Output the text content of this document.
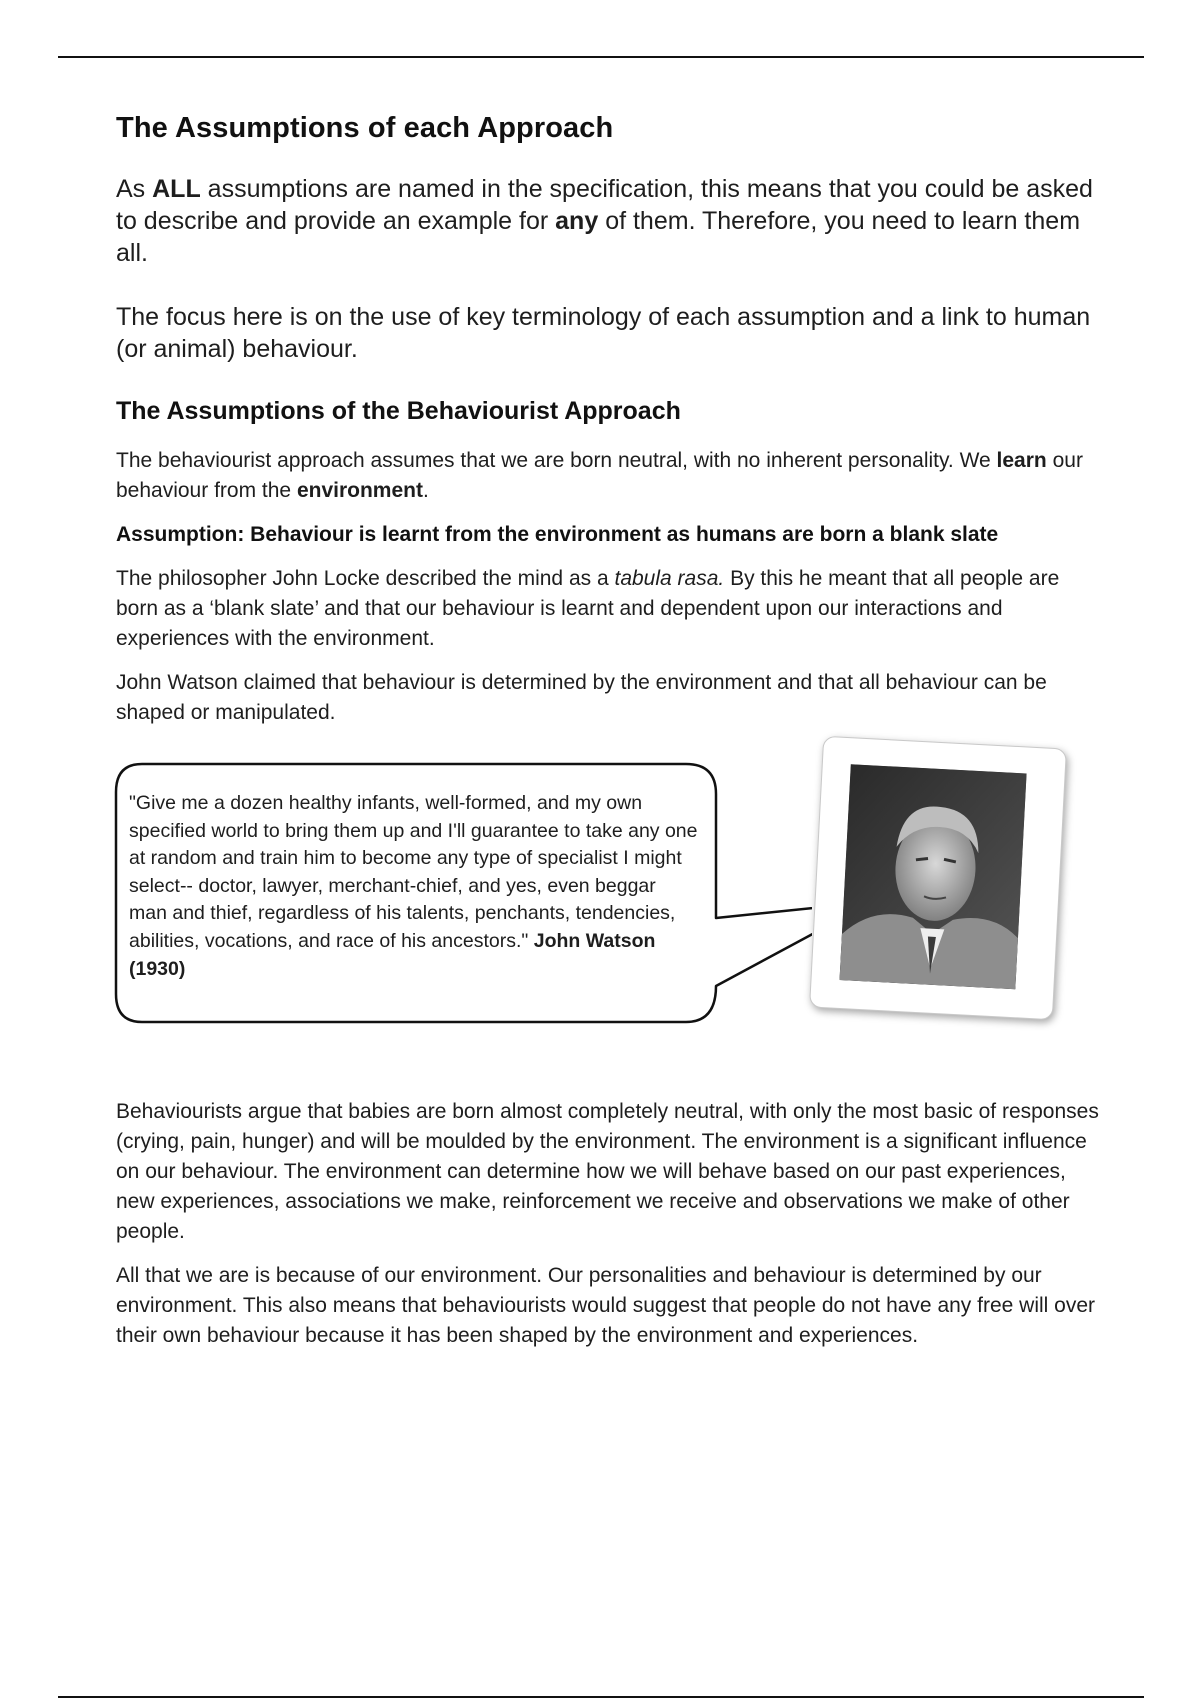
The Assumptions of each Approach

As ALL assumptions are named in the specification, this means that you could be asked to describe and provide an example for any of them. Therefore, you need to learn them all.

The focus here is on the use of key terminology of each assumption and a link to human (or animal) behaviour.

The Assumptions of the Behaviourist Approach

The behaviourist approach assumes that we are born neutral, with no inherent personality. We learn our behaviour from the environment.

Assumption: Behaviour is learnt from the environment as humans are born a blank slate

The philosopher John Locke described the mind as a tabula rasa. By this he meant that all people are born as a ‘blank slate’ and that our behaviour is learnt and dependent upon our interactions and experiences with the environment.

John Watson claimed that behaviour is determined by the environment and that all behaviour can be shaped or manipulated.

"Give me a dozen healthy infants, well-formed, and my own specified world to bring them up and I'll guarantee to take any one at random and train him to become any type of specialist I might select-- doctor, lawyer, merchant-chief, and yes, even beggar man and thief, regardless of his talents, penchants, tendencies, abilities, vocations, and race of his ancestors." John Watson (1930)

Behaviourists argue that babies are born almost completely neutral, with only the most basic of responses (crying, pain, hunger) and will be moulded by the environment. The environment is a significant influence on our behaviour. The environment can determine how we will behave based on our past experiences, new experiences, associations we make, reinforcement we receive and observations we make of other people.

All that we are is because of our environment. Our personalities and behaviour is determined by our environment. This also means that behaviourists would suggest that people do not have any free will over their own behaviour because it has been shaped by the environment and experiences.
